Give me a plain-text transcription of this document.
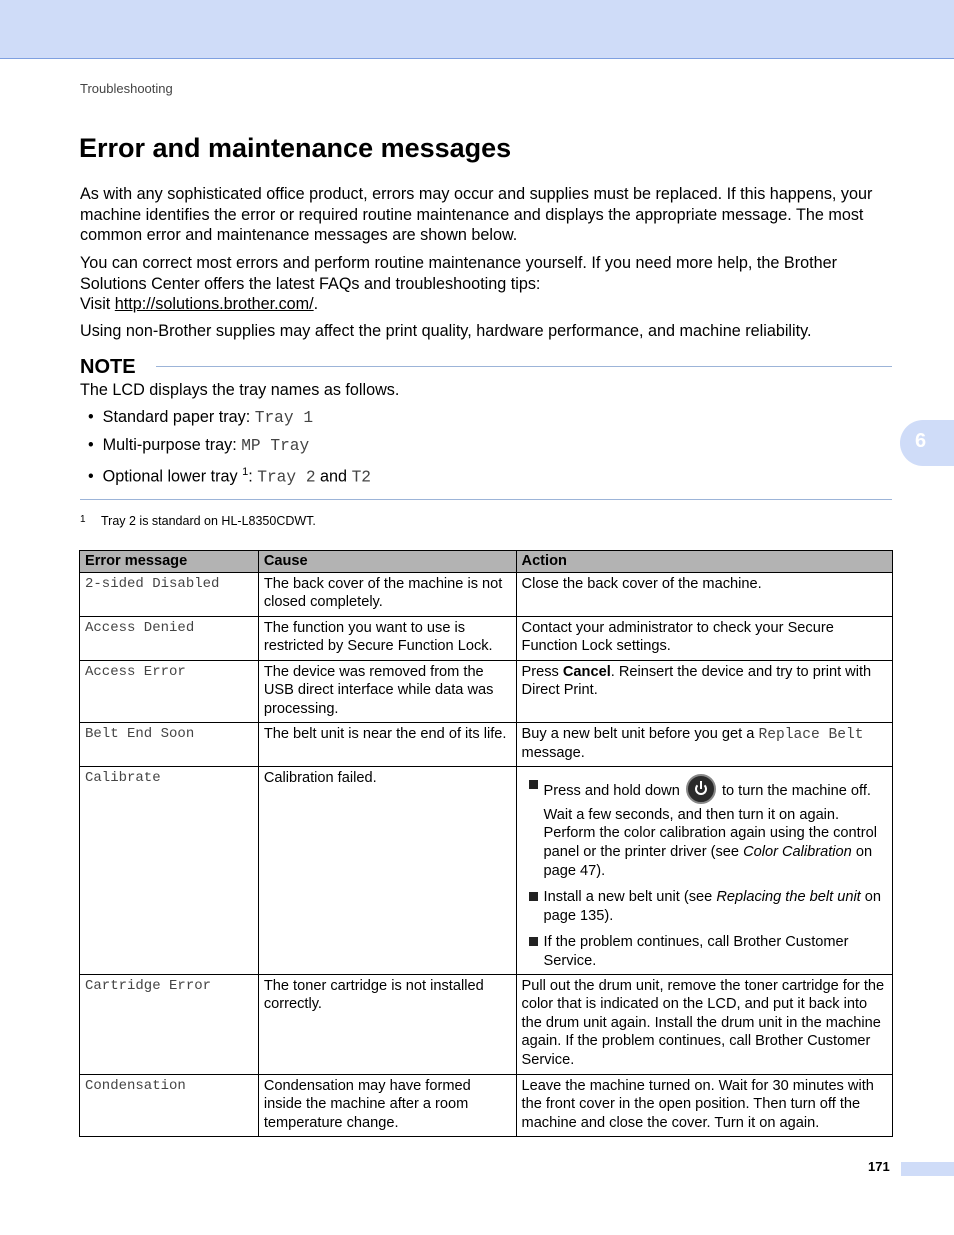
Troubleshooting
Error and maintenance messages

As with any sophisticated office product, errors may occur and supplies must be replaced. If this happens, your machine identifies the error or required routine maintenance and displays the appropriate message. The most common error and maintenance messages are shown below.

You can correct most errors and perform routine maintenance yourself. If you need more help, the Brother Solutions Center offers the latest FAQs and troubleshooting tips:
Visit http://solutions.brother.com/.

Using non-Brother supplies may affect the print quality, hardware performance, and machine reliability.

NOTE

The LCD displays the tray names as follows.

•  Standard paper tray: Tray 1
•  Multi-purpose tray: MP Tray
•  Optional lower tray $^1$: Tray 2 and T2
1 Tray 2 is standard on HL-L8350CDWT.
6
Error message	Cause	Action
2-sided Disabled	The back cover of the machine is not closed completely.	Close the back cover of the machine.
Access Denied	The function you want to use is restricted by Secure Function Lock.	Contact your administrator to check your Secure Function Lock settings.
Access Error	The device was removed from the USB direct interface while data was processing.	Press Cancel. Reinsert the device and try to print with Direct Print.
Belt End Soon	The belt unit is near the end of its life.	Buy a new belt unit before you get a Replace Belt message.
Calibrate	Calibration failed.	Press and hold down
to turn the machine off. Wait a few seconds, and then turn it on again. Perform the color calibration again using the control panel or the printer driver (see Color Calibration on page 47).
Install a new belt unit (see Replacing the belt unit on page 135).
If the problem continues, call Brother Customer Service.

Cartridge Error	The toner cartridge is not installed correctly.	Pull out the drum unit, remove the toner cartridge for the color that is indicated on the LCD, and put it back into the drum unit again. Install the drum unit in the machine again. If the problem continues, call Brother Customer Service.
Condensation	Condensation may have formed inside the machine after a room temperature change.	Leave the machine turned on. Wait for 30 minutes with the front cover in the open position. Then turn off the machine and close the cover. Turn it on again.
171
